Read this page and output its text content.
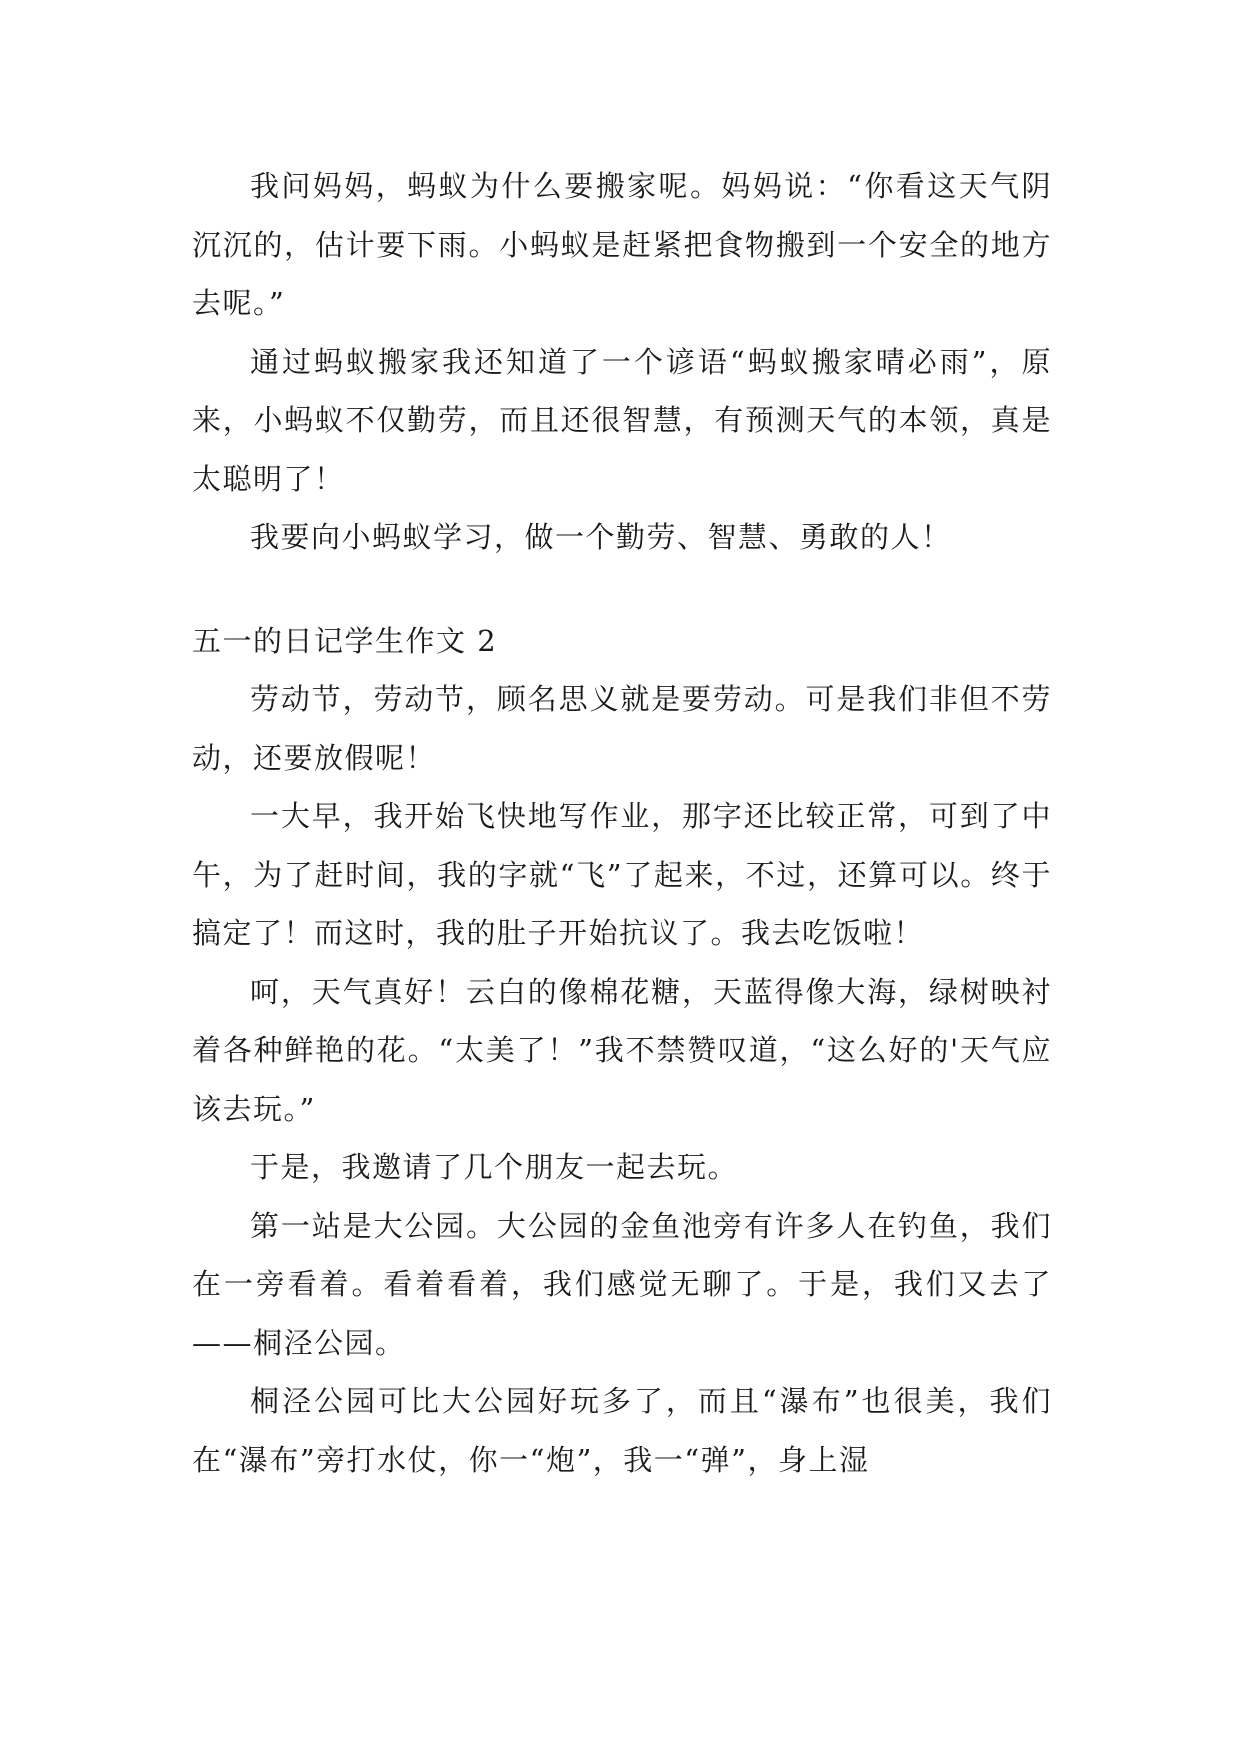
我问妈妈，蚂蚁为什么要搬家呢。妈妈说：“你看这天气阴沉沉的，估计要下雨。小蚂蚁是赶紧把食物搬到一个安全的地方去呢。”

通过蚂蚁搬家我还知道了一个谚语“蚂蚁搬家晴必雨”，原来，小蚂蚁不仅勤劳，而且还很智慧，有预测天气的本领，真是太聪明了！

我要向小蚂蚁学习，做一个勤劳、智慧、勇敢的人！

五一的日记学生作文 2

劳动节，劳动节，顾名思义就是要劳动。可是我们非但不劳动，还要放假呢！

一大早，我开始飞快地写作业，那字还比较正常，可到了中午，为了赶时间，我的字就“飞”了起来，不过，还算可以。终于搞定了！而这时，我的肚子开始抗议了。我去吃饭啦！

呵，天气真好！云白的像棉花糖，天蓝得像大海，绿树映衬着各种鲜艳的花。“太美了！”我不禁赞叹道，“这么好的'天气应该去玩。”

于是，我邀请了几个朋友一起去玩。

第一站是大公园。大公园的金鱼池旁有许多人在钓鱼，我们在一旁看着。看着看着，我们感觉无聊了。于是，我们又去了——桐泾公园。

桐泾公园可比大公园好玩多了，而且“瀑布”也很美，我们在“瀑布”旁打水仗，你一“炮”，我一“弹”，身上湿
